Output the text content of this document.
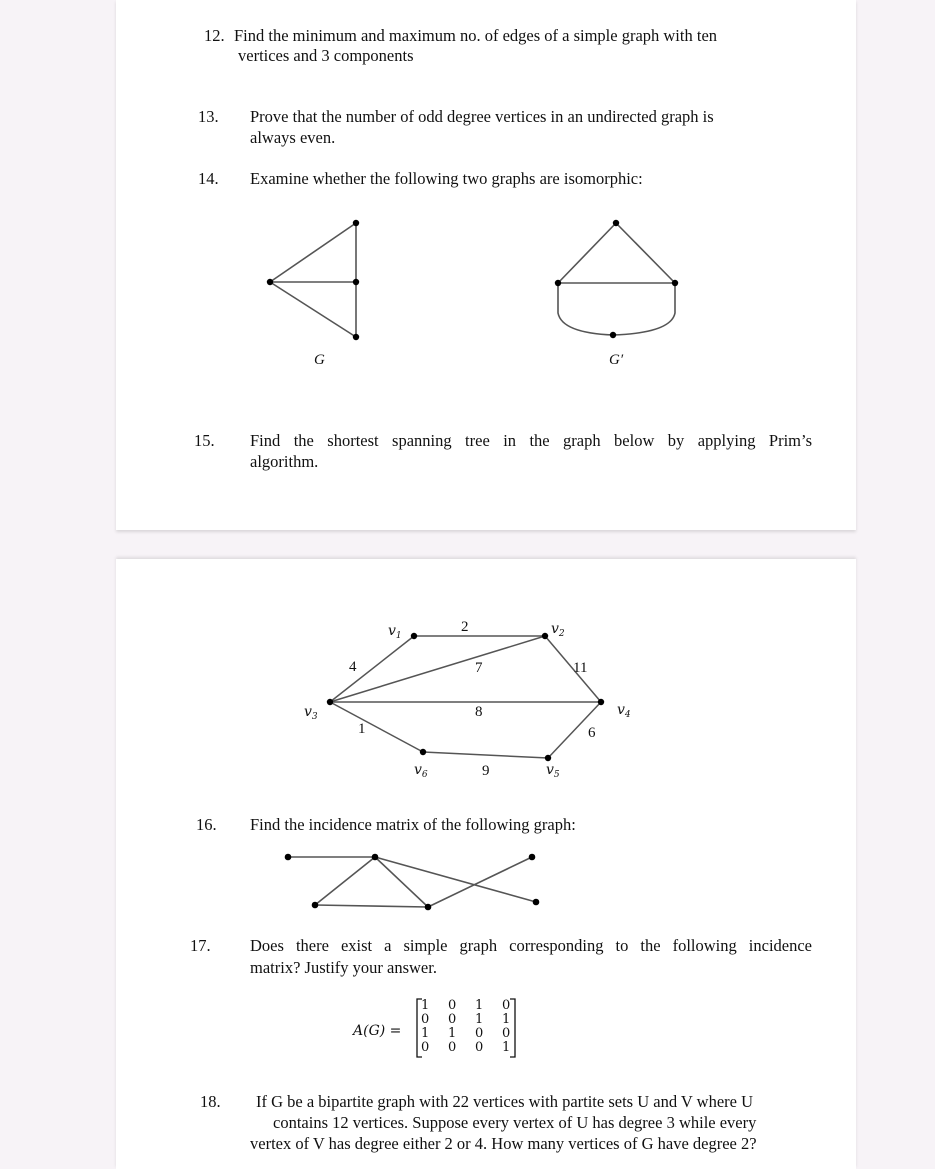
12. Find the minimum and maximum no. of edges of a simple graph with ten
vertices and 3 components
13. Prove that the number of odd degree vertices in an undirected graph is
always even.
14. Examine whether the following two graphs are isomorphic:
G	G′
15. Find the shortest spanning tree in the graph below by applying Prim’s
algorithm.
$v_1$	$v_2$
$v_3$	$v_4$
$v_5$
$v_6$
2
4	7	11
8
1	6
9
16. Find the incidence matrix of the following graph:
17. Does there exist a simple graph corresponding to the following incidence
matrix? Justify your answer.
A(G) =
1	0	1	0
0	0	1	1
1	1	0	0
0	0	0	1
18. If G be a bipartite graph with 22 vertices with partite sets U and V where U
contains 12 vertices. Suppose every vertex of U has degree 3 while every
vertex of V has degree either 2 or 4. How many vertices of G have degree 2?
